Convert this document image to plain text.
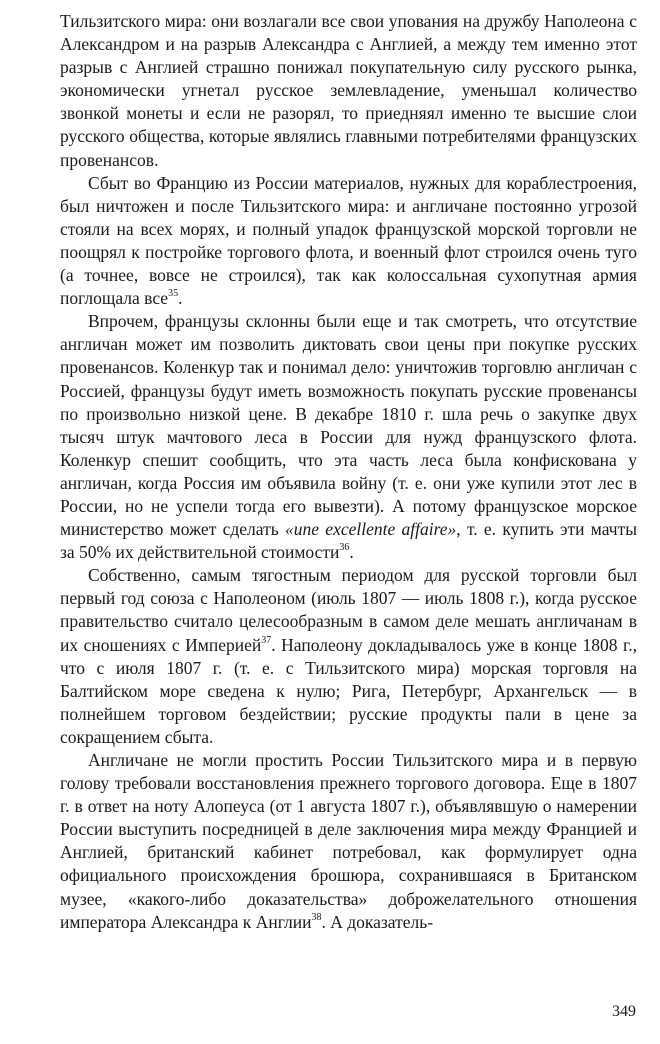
Тильзитского мира: они возлагали все свои упования на дружбу Наполеона с Александром и на разрыв Александра с Англией, а между тем именно этот разрыв с Англией страшно понижал покупательную силу русского рынка, экономически угнетал русское землевладение, уменьшал количество звонкой монеты и если не разорял, то приедняял именно те высшие слои русского общества, которые являлись главными потребителями французских провенансов.

Сбыт во Францию из России материалов, нужных для кораблестроения, был ничтожен и после Тильзитского мира: и англичане постоянно угрозой стояли на всех морях, и полный упадок французской морской торговли не поощрял к постройке торгового флота, и военный флот строился очень туго (а точнее, вовсе не строился), так как колоссальная сухопутная армия поглощала все$^{35}$.

Впрочем, французы склонны были еще и так смотреть, что отсутствие англичан может им позволить диктовать свои цены при покупке русских провенансов. Коленкур так и понимал дело: уничтожив торговлю англичан с Россией, французы будут иметь возможность покупать русские провенансы по произвольно низкой цене. В декабре 1810 г. шла речь о закупке двух тысяч штук мачтового леса в России для нужд французского флота. Коленкур спешит сообщить, что эта часть леса была конфискована у англичан, когда Россия им объявила войну (т. е. они уже купили этот лес в России, но не успели тогда его вывезти). А потому французское морское министерство может сделать «une excellente affaire», т. е. купить эти мачты за 50% их действительной стоимости$^{36}$.

Собственно, самым тягостным периодом для русской торговли был первый год союза с Наполеоном (июль 1807 — июль 1808 г.), когда русское правительство считало целесообразным в самом деле мешать англичанам в их сношениях с Империей$^{37}$. Наполеону докладывалось уже в конце 1808 г., что с июля 1807 г. (т. е. с Тильзитского мира) морская торговля на Балтийском море сведена к нулю; Рига, Петербург, Архангельск — в полнейшем торговом бездействии; русские продукты пали в цене за сокращением сбыта.

Англичане не могли простить России Тильзитского мира и в первую голову требовали восстановления прежнего торгового договора. Еще в 1807 г. в ответ на ноту Алопеуса (от 1 августа 1807 г.), объявлявшую о намерении России выступить посредницей в деле заключения мира между Францией и Англией, британский кабинет потребовал, как формулирует одна официального происхождения брошюра, сохранившаяся в Британском музее, «какого-либо доказательства» доброжелательного отношения императора Александра к Англии$^{38}$. А доказатель-

349
